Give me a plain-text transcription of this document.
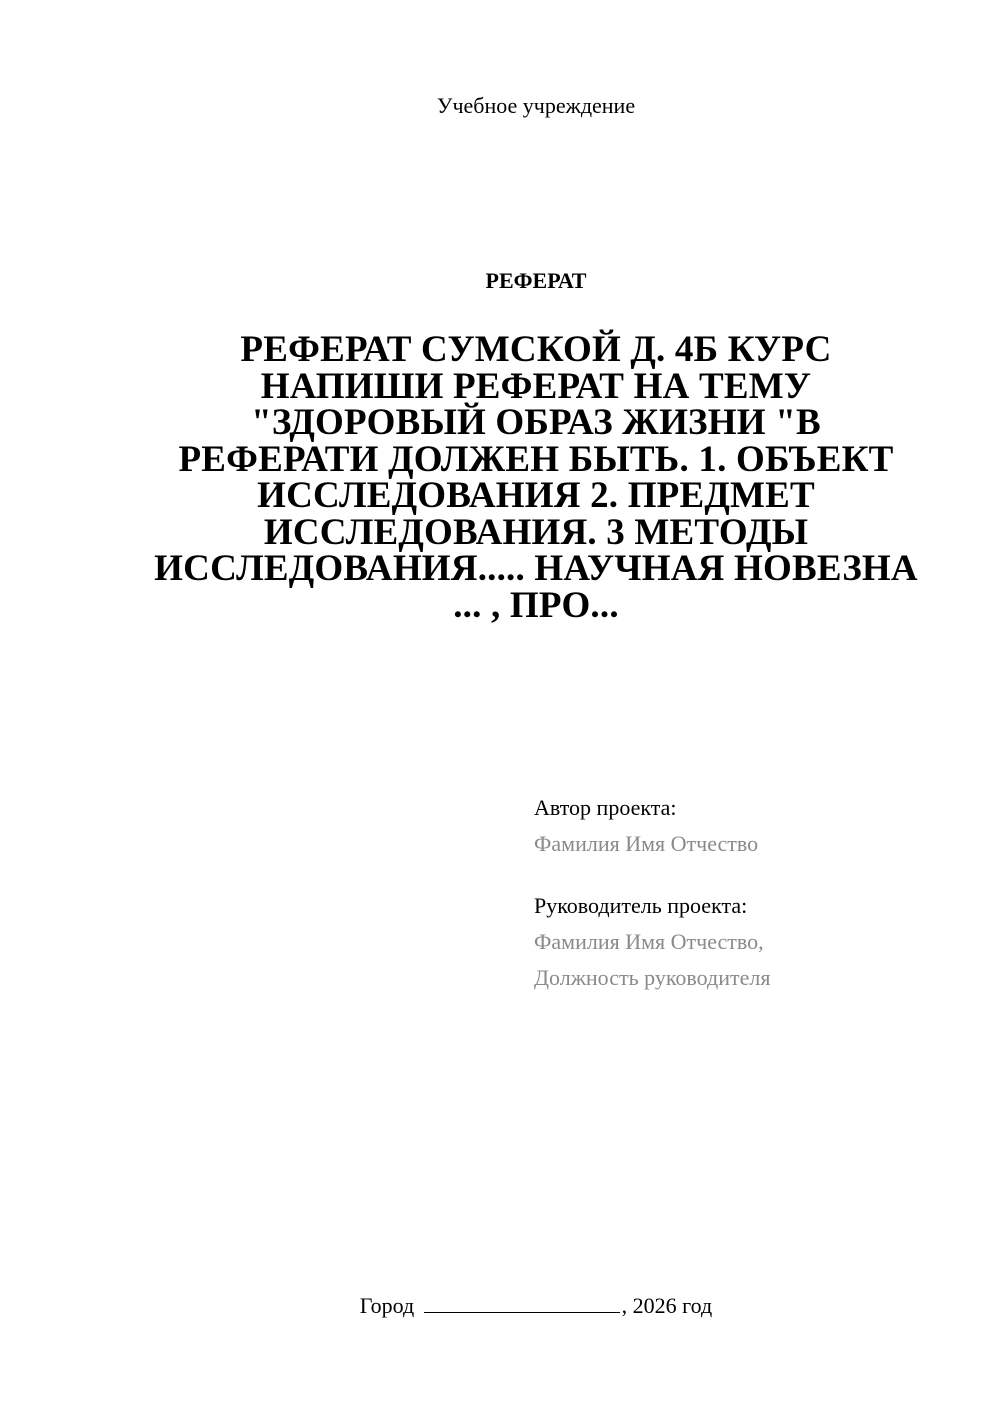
Учебное учреждение
РЕФЕРАТ
РЕФЕРАТ СУМСКОЙ Д. 4Б КУРС НАПИШИ РЕФЕРАТ НА ТЕМУ "ЗДОРОВЫЙ ОБРАЗ ЖИЗНИ "В РЕФЕРАТИ ДОЛЖЕН БЫТЬ. 1. ОБЪЕКТ ИССЛЕДОВАНИЯ 2. ПРЕДМЕТ ИССЛЕДОВАНИЯ. 3 МЕТОДЫ ИССЛЕДОВАНИЯ..... НАУЧНАЯ НОВЕЗНА ... , ПРО...
Автор проекта:
Фамилия Имя Отчество
Руководитель проекта:
Фамилия Имя Отчество,
Должность руководителя
Город	, 2026 год
